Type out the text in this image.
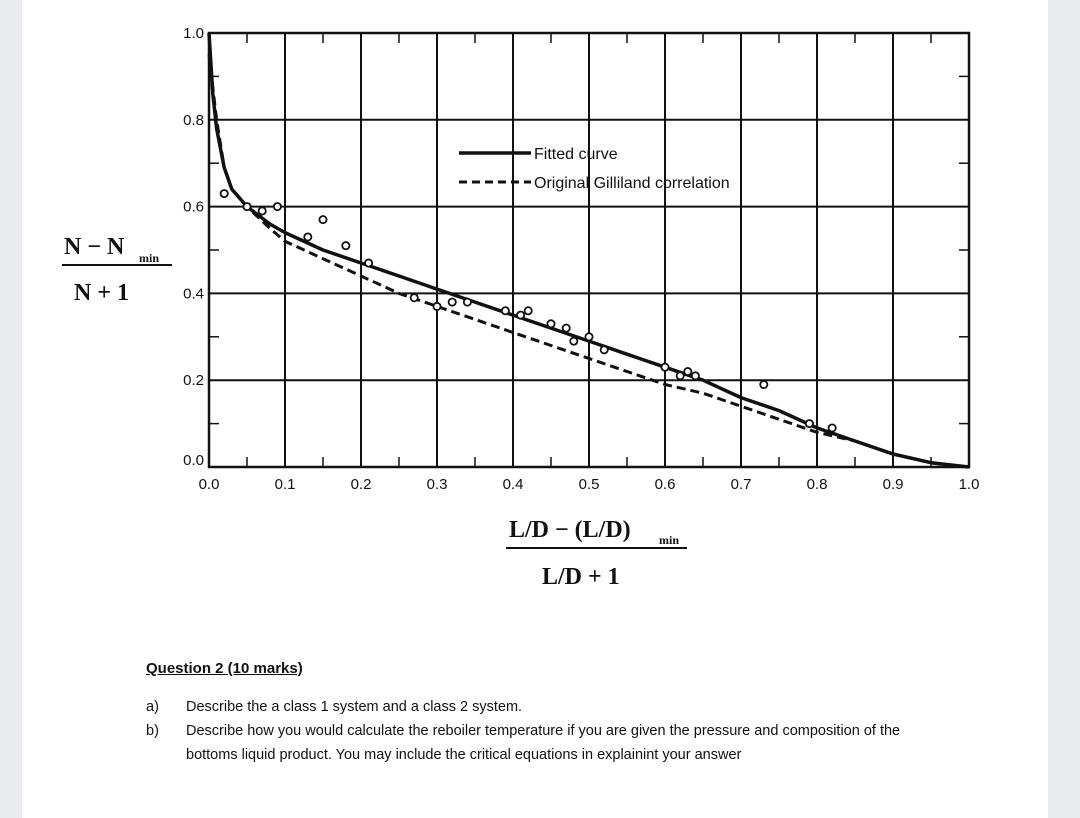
0.0	0.1	0.2	0.3	0.4	0.5	0.6	0.7	0.8	0.9	1.0
0.0
0.2
0.4
0.6
0.8
1.0
Fitted curve
Original Gilliland correlation
N − N min
N + 1
L/D − (L/D) min
L/D + 1
Question 2 (10 marks)
a)	Describe the a class 1 system and a class 2 system.
b)	Describe how you would calculate the reboiler temperature if you are given the pressure and composition of the bottoms liquid product. You may include the critical equations in explainint your answer
